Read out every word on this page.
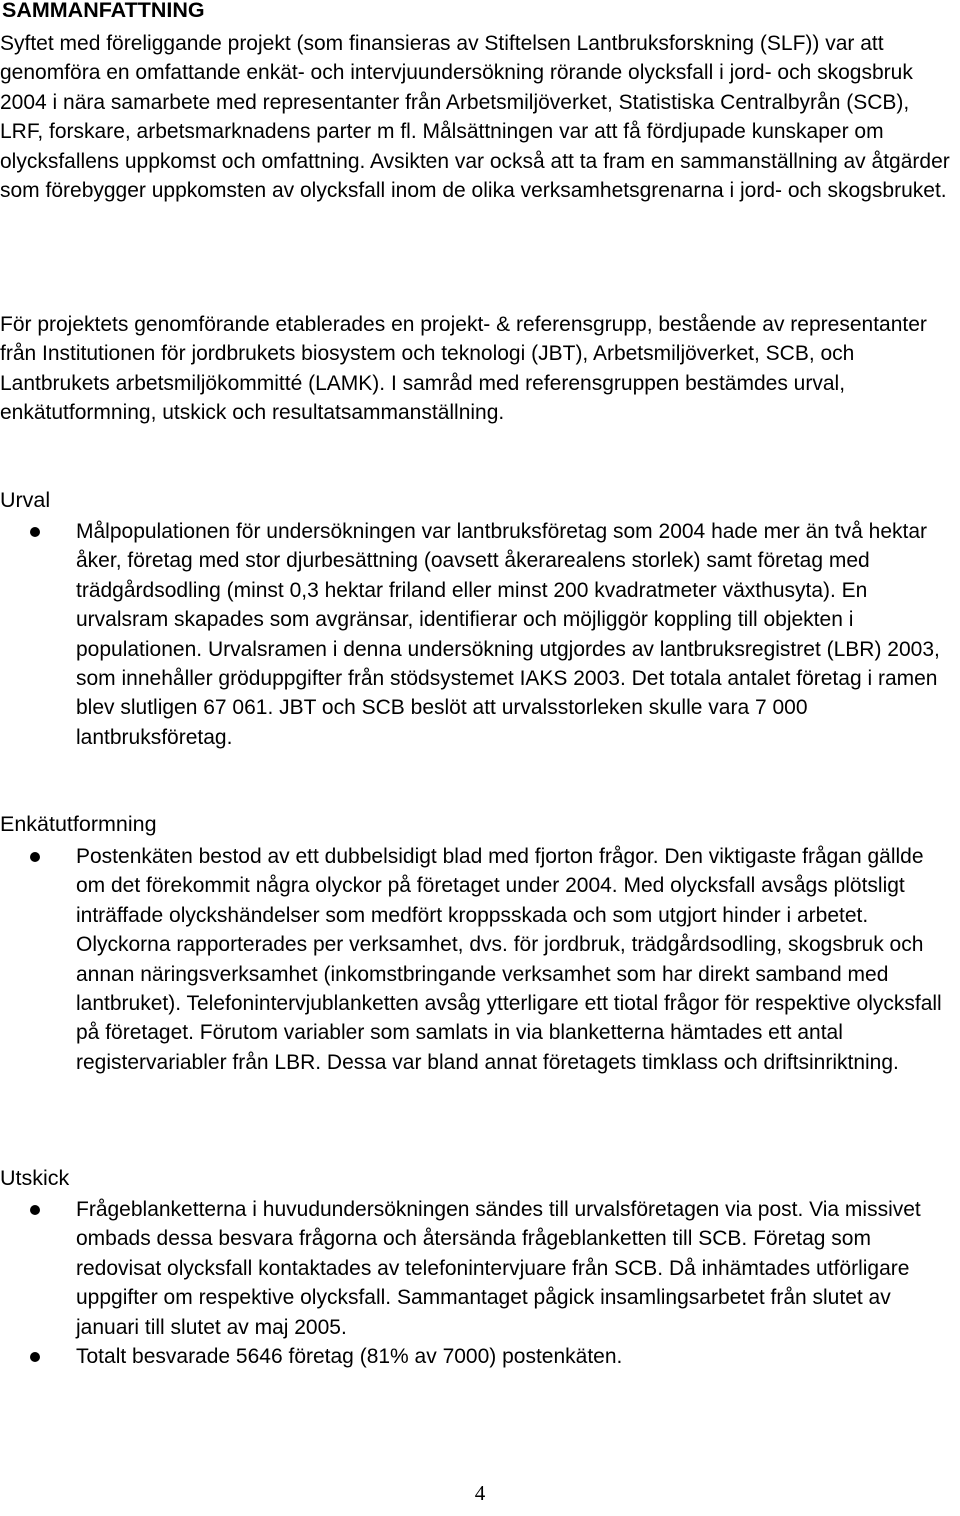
SAMMANFATTNING

Syftet med föreliggande projekt (som finansieras av Stiftelsen Lantbruksforskning (SLF)) var att genomföra en omfattande enkät- och intervjuundersökning rörande olycksfall i jord- och skogsbruk 2004 i nära samarbete med representanter från Arbetsmiljöverket, Statistiska Centralbyrån (SCB), LRF, forskare, arbetsmarknadens parter m fl. Målsättningen var att få fördjupade kunskaper om olycksfallens uppkomst och omfattning. Avsikten var också att ta fram en sammanställning av åtgärder som förebygger uppkomsten av olycksfall inom de olika verksamhetsgrenarna i jord- och skogsbruket.

För projektets genomförande etablerades en projekt- & referensgrupp, bestående av representanter från Institutionen för jordbrukets biosystem och teknologi (JBT), Arbetsmiljöverket, SCB, och Lantbrukets arbetsmiljökommitté (LAMK). I samråd med referensgruppen bestämdes urval, enkätutformning, utskick och resultatsammanställning.

Urval
Målpopulationen för undersökningen var lantbruksföretag som 2004 hade mer än två hektar åker, företag med stor djurbesättning (oavsett åkerarealens storlek) samt företag med trädgårdsodling (minst 0,3 hektar friland eller minst 200 kvadratmeter växthusyta). En urvalsram skapades som avgränsar, identifierar och möjliggör koppling till objekten i populationen. Urvalsramen i denna undersökning utgjordes av lantbruksregistret (LBR) 2003, som innehåller gröduppgifter från stödsystemet IAKS 2003. Det totala antalet företag i ramen blev slutligen 67 061. JBT och SCB beslöt att urvalsstorleken skulle vara 7 000 lantbruksföretag.
Enkätutformning
Postenkäten bestod av ett dubbelsidigt blad med fjorton frågor. Den viktigaste frågan gällde om det förekommit några olyckor på företaget under 2004. Med olycksfall avsågs plötsligt inträffade olyckshändelser som medfört kroppsskada och som utgjort hinder i arbetet. Olyckorna rapporterades per verksamhet, dvs. för jordbruk, trädgårdsodling, skogsbruk och annan näringsverksamhet (inkomstbringande verksamhet som har direkt samband med lantbruket). Telefonintervjublanketten avsåg ytterligare ett tiotal frågor för respektive olycksfall på företaget. Förutom variabler som samlats in via blanketterna hämtades ett antal registervariabler från LBR. Dessa var bland annat företagets timklass och driftsinriktning.
Utskick
Frågeblanketterna i huvudundersökningen sändes till urvalsföretagen via post. Via missivet ombads dessa besvara frågorna och återsända frågeblanketten till SCB. Företag som redovisat olycksfall kontaktades av telefonintervjuare från SCB. Då inhämtades utförligare uppgifter om respektive olycksfall. Sammantaget pågick insamlingsarbetet från slutet av januari till slutet av maj 2005.
Totalt besvarade 5646 företag (81% av 7000) postenkäten.

4
